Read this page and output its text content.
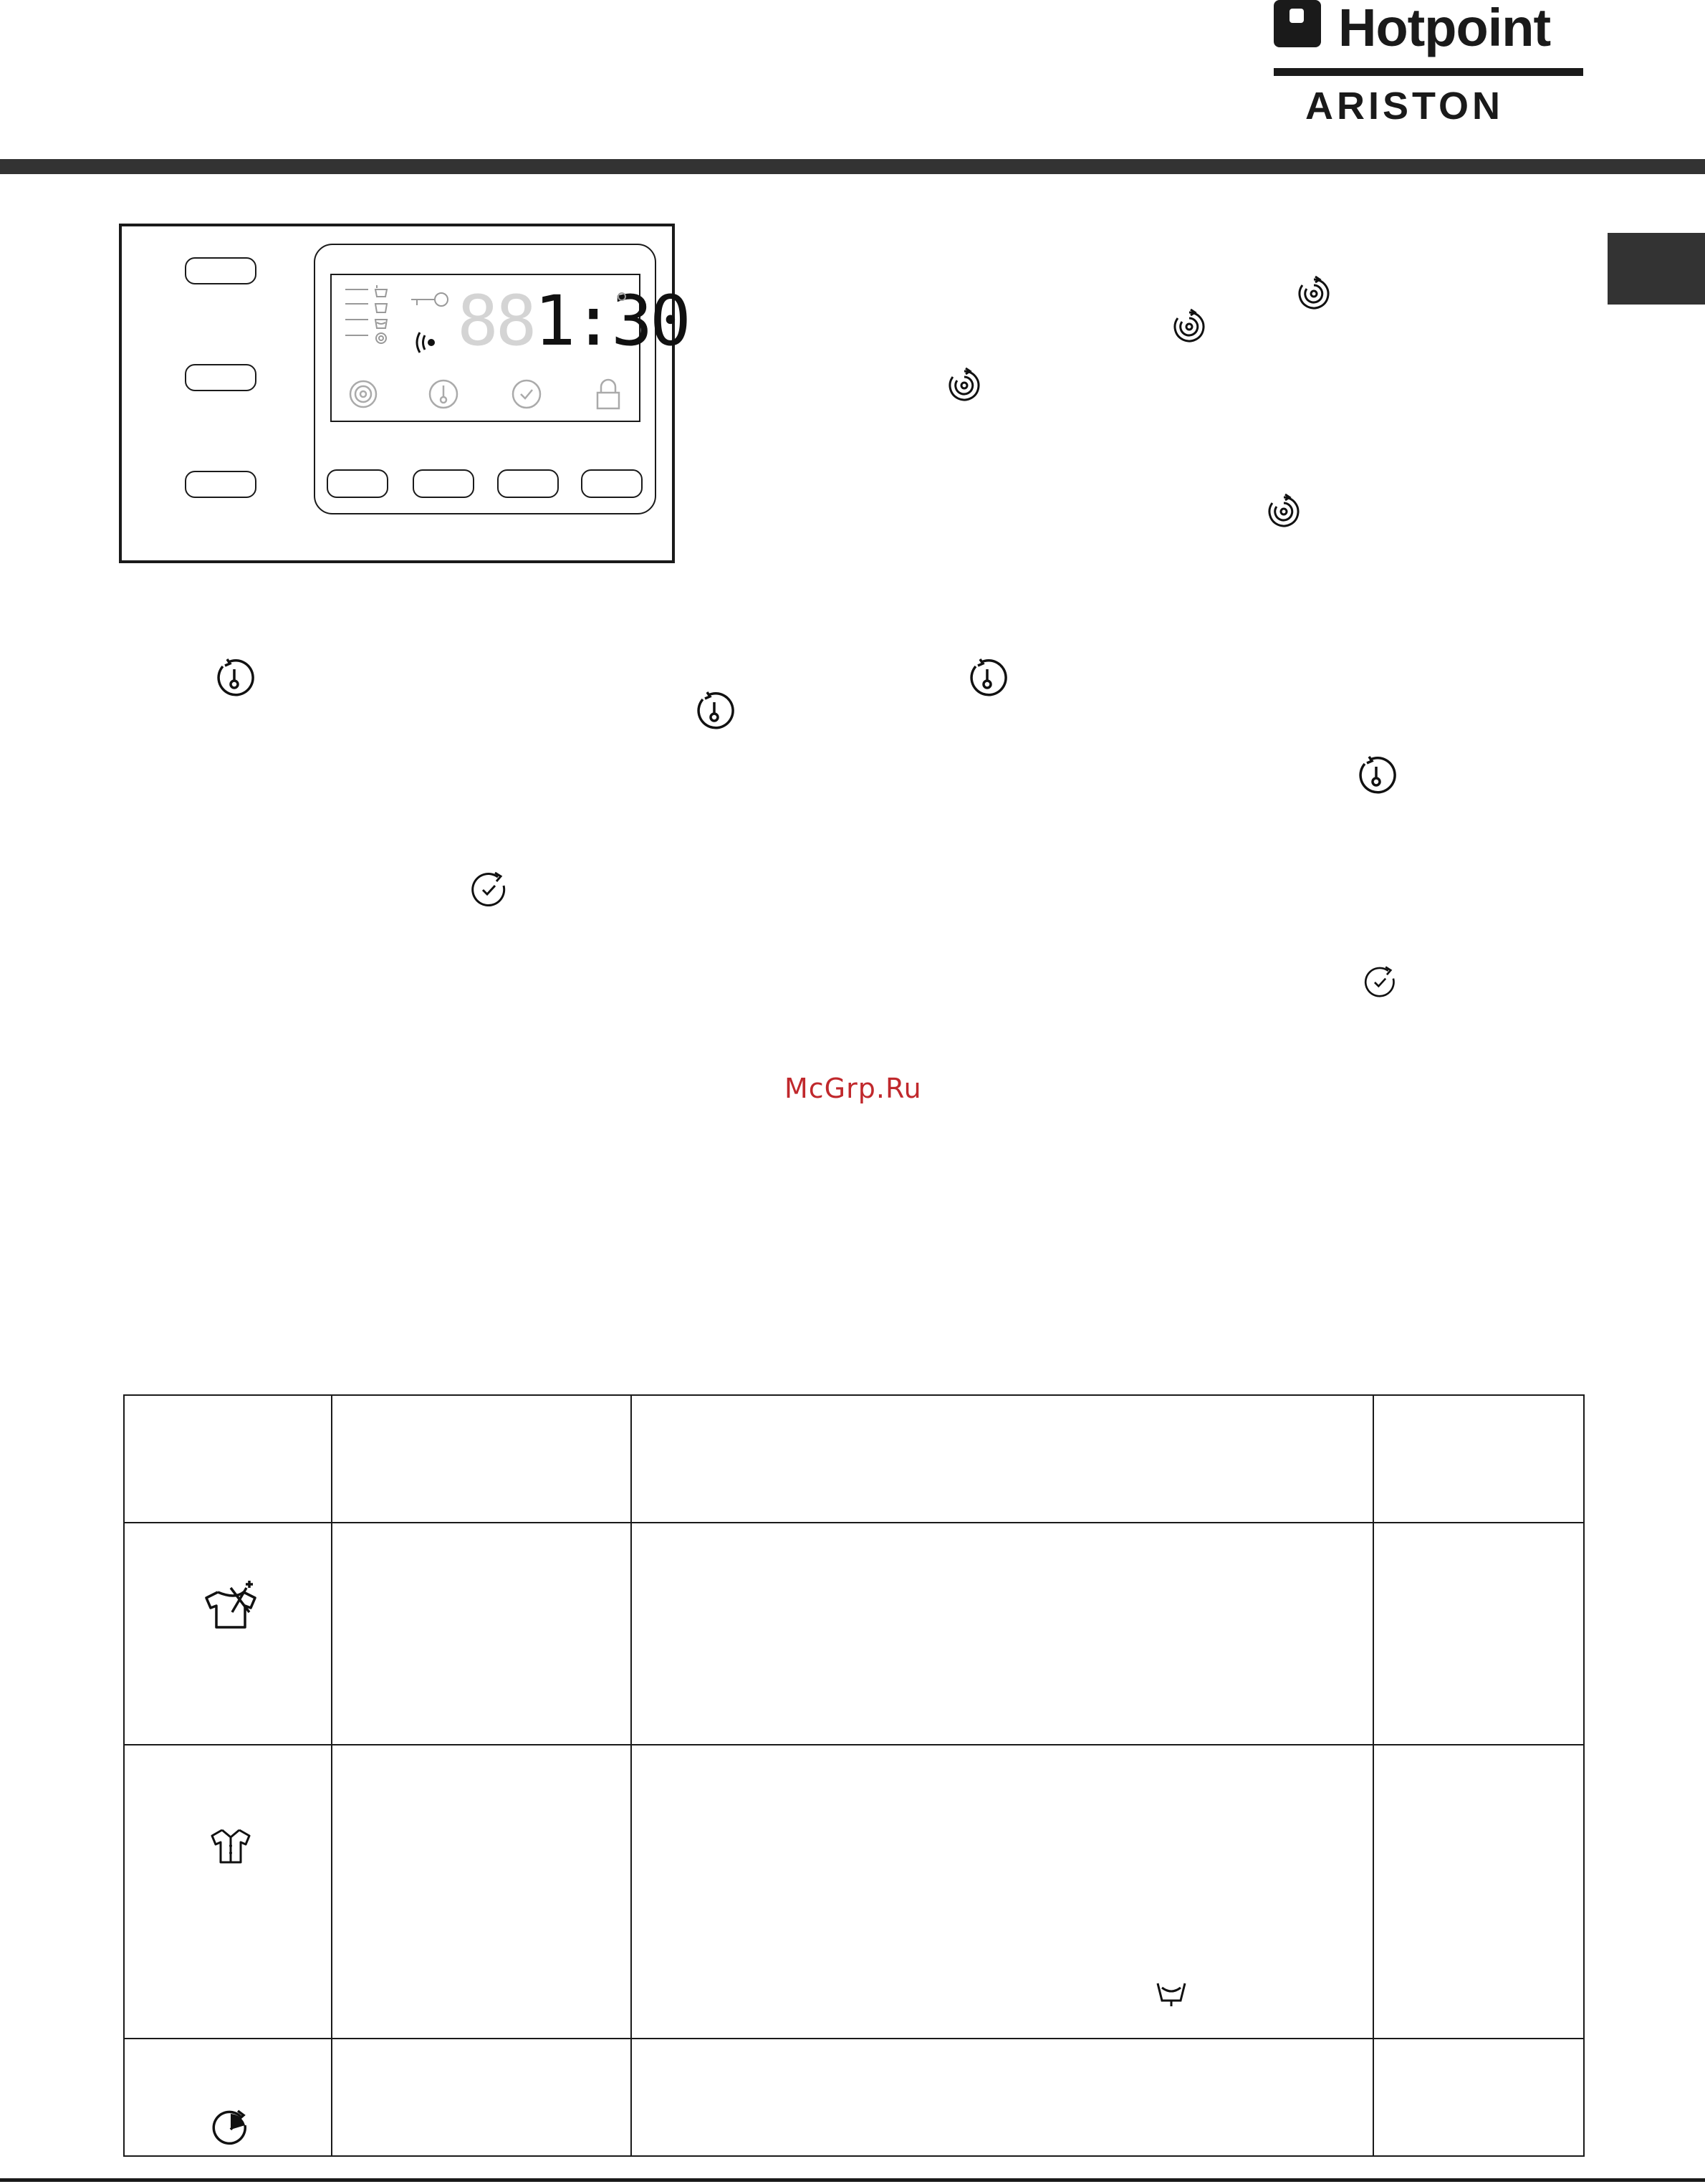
Hotpoint
ARISTON
881:30
McGrp.Ru
